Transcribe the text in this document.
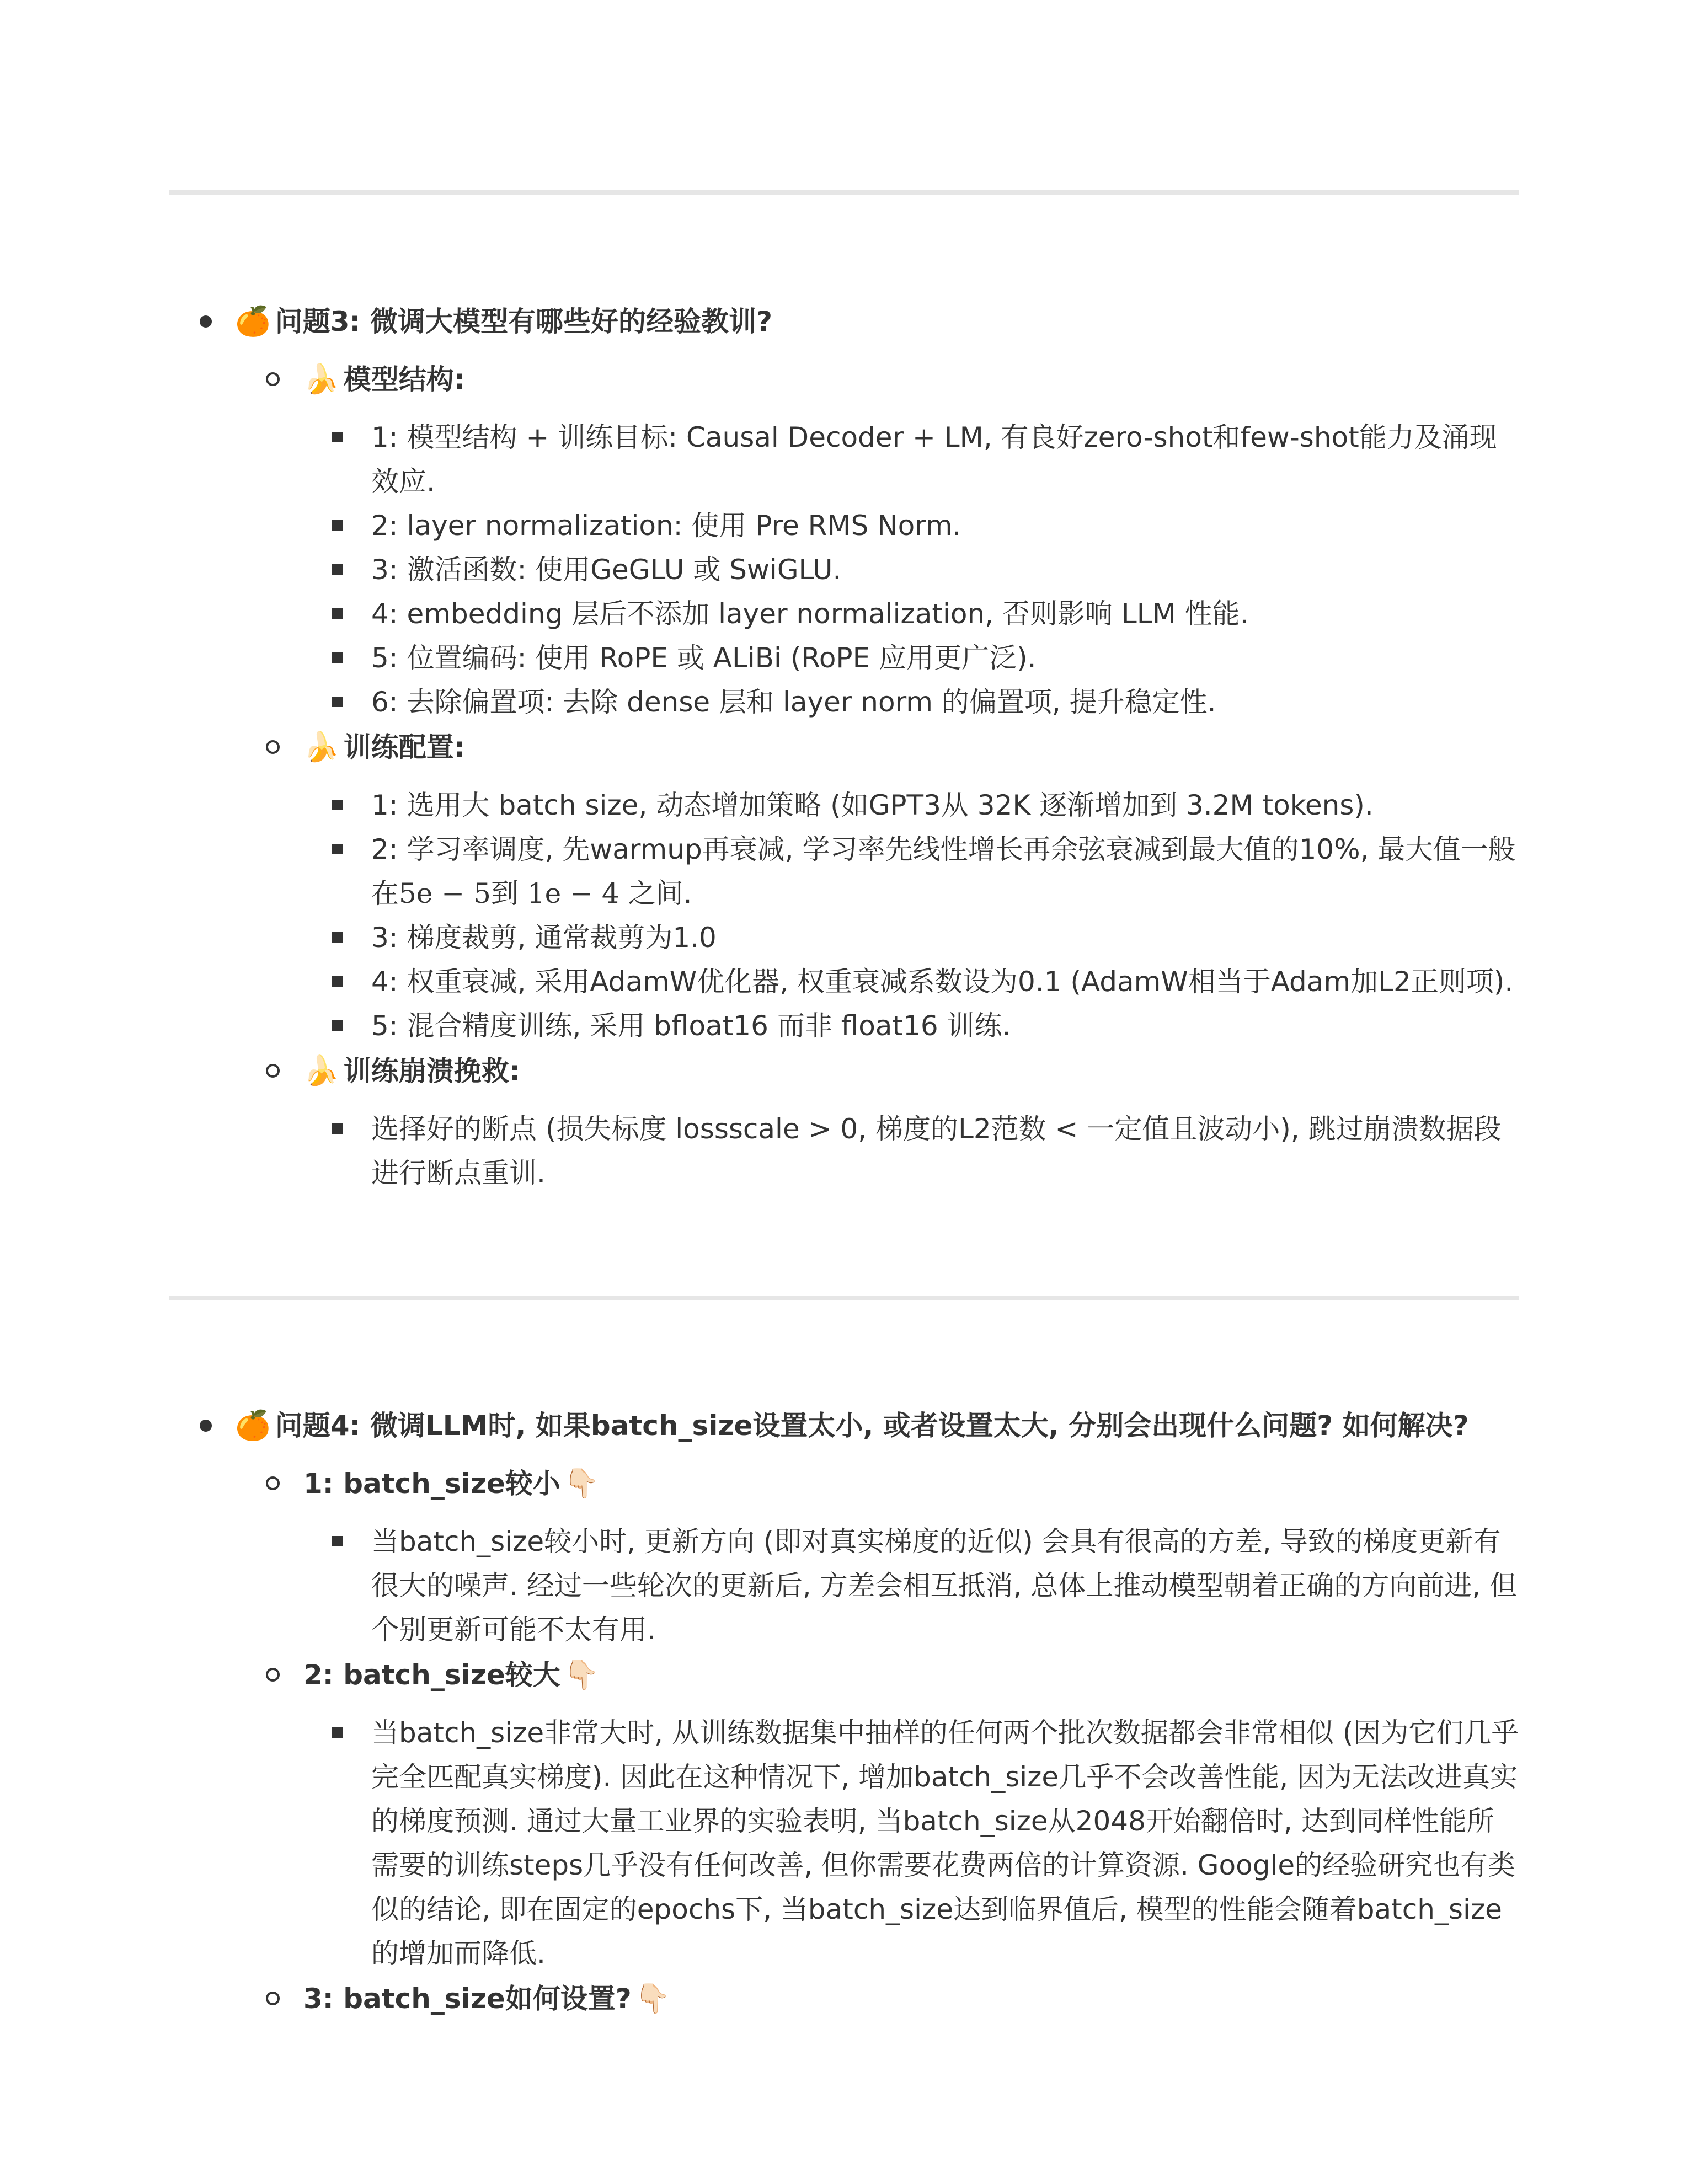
🍊 问题3: 微调大模型有哪些好的经验教训?
🍌 模型结构:
1: 模型结构 + 训练目标: Causal Decoder + LM, 有良好zero-shot和few-shot能力及涌现效应.
2: layer normalization: 使用 Pre RMS Norm.
3: 激活函数: 使用GeGLU 或 SwiGLU.
4: embedding 层后不添加 layer normalization, 否则影响 LLM 性能.
5: 位置编码: 使用 RoPE 或 ALiBi (RoPE 应用更广泛).
6: 去除偏置项: 去除 dense 层和 layer norm 的偏置项, 提升稳定性.
🍌 训练配置:
1: 选用大 batch size, 动态增加策略 (如GPT3从 32K 逐渐增加到 3.2M tokens).
2: 学习率调度, 先warmup再衰减, 学习率先线性增长再余弦衰减到最大值的10%, 最大值一般在5e − 5到 1e − 4 之间.
3: 梯度裁剪, 通常裁剪为1.0
4: 权重衰减, 采用AdamW优化器, 权重衰减系数设为0.1 (AdamW相当于Adam加L2正则项).
5: 混合精度训练, 采用 bfloat16 而非 float16 训练.
🍌 训练崩溃挽救:
选择好的断点 (损失标度 lossscale > 0, 梯度的L2范数 < 一定值且波动小), 跳过崩溃数据段进行断点重训.
🍊 问题4: 微调LLM时, 如果batch_size设置太小, 或者设置太大, 分别会出现什么问题? 如何解决?
1: batch_size较小 👇🏻
当batch_size较小时, 更新方向 (即对真实梯度的近似) 会具有很高的方差, 导致的梯度更新有很大的噪声. 经过一些轮次的更新后, 方差会相互抵消, 总体上推动模型朝着正确的方向前进, 但个别更新可能不太有用.
2: batch_size较大 👇🏻
当batch_size非常大时, 从训练数据集中抽样的任何两个批次数据都会非常相似 (因为它们几乎完全匹配真实梯度). 因此在这种情况下, 增加batch_size几乎不会改善性能, 因为无法改进真实的梯度预测. 通过大量工业界的实验表明, 当batch_size从2048开始翻倍时, 达到同样性能所需要的训练steps几乎没有任何改善, 但你需要花费两倍的计算资源. Google的经验研究也有类似的结论, 即在固定的epochs下, 当batch_size达到临界值后, 模型的性能会随着batch_size的增加而降低.
3: batch_size如何设置? 👇🏻
